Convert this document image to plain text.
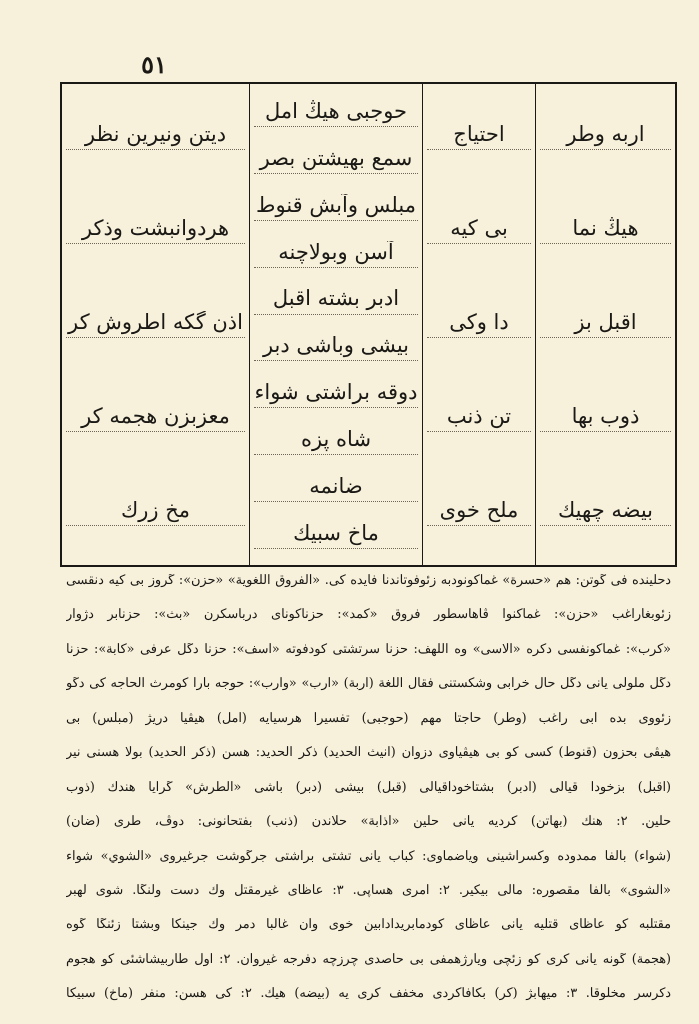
٥١
اربه وطر
هيڭ نما
اقبل بز
ذوب بها
بيضه چهيك
احتياج
بى كيه
دا وكى
تن ذنب
ملح خوى
حوجبى هيڭ امل
سمع بهيشتن بصر
مبلس وآبش قنوط
آسن وبولاچنه
ادبر بشته اقبل
بيشى وباشى دبر
دوقه براشتى شواء
شاه پزه
ضانمه
ماخ سبيك
ديتن ونيرين نظر
هردوانبشت وذكر
اذن گكه اطروش كر
معزبزن هجمه كر
مخ زرك
دحلينده فى گوتن: هم «حسرة» غماكونودبه زئوفوتاندنا فايده كى. «الفروق اللغوية» «حزن»: گروز بى كيه دنقسى
زئوبغاراغب «حزن»: غماكنوا ڤاهاسطور فروق «كمد»: حزناكوناى درباسكرن «بث»: حزنابر دژوار
«كرب»: غماكونفسى دكره «الاسى» وه اللهف: حزنا سرتشتى كودفوته «اسف»: حزنا دگل عرفى «كآبة»: حزنا
دگل ملولى يانى دگل حال خرابى وشكستنى فقال اللغة (اربة) «ارب» «وارب»: حوجه بارا كومرث الحاجه كى دگو
زئووى بده ابى راغب (وطر) حاجتا مهم (حوجبى) تفسيرا هرسيايه (امل) هيڤيا دريژ (مبلس) بى
هيڤى بحزون (قنوط) كسى كو بى هيڤياوى دزوان (انيث الحديد) ذكر الحديد: هسن (ذكر الحديد) بولا هسنى نير
(اقبل) بزخودا قيالى (ادبر) بشتاخوداقيالى (قبل) بيشى (دبر) باشى «الطرش» گرايا هندك (ذوب
حلين. ٢: هنك (بهاتن) كرديه يانى حلين «اذابة» حلاندن (ذنب) بفتحانونى: دوڤ، طرى (ضأن)
(شواء) بالفا ممدوده وكسراشينى وياضماوى: كباب يانى تشتى براشتى جرگوشت جرغيروى «الشوي» شواء
«الشوى» بالفا مقصوره: مالى بيكير. ٢: امرى هساپى. ٣: عاظاى غيرمقتل وك دست ولنگا. شوى لهبر
مقتلبه كو عاظاى قتليه يانى عاظاى كودمابريدادابين خوى وان غالبا دمر وك جينكا وبشتا زئنگا گوه
(هجمة) گونه يانى كرى كو زئچى ويارژهمفى بى حاصدى چرزچه دفرجه غيروان. ٢: اول طاربيشاشئى كو هجوم
دكرسر مخلوقا. ٣: ميهابژ (كر) بكافاكردى مخفف كرى يه (بيضه) هيك. ٢: كى هسن: منفر (ماخ) سبيكا
